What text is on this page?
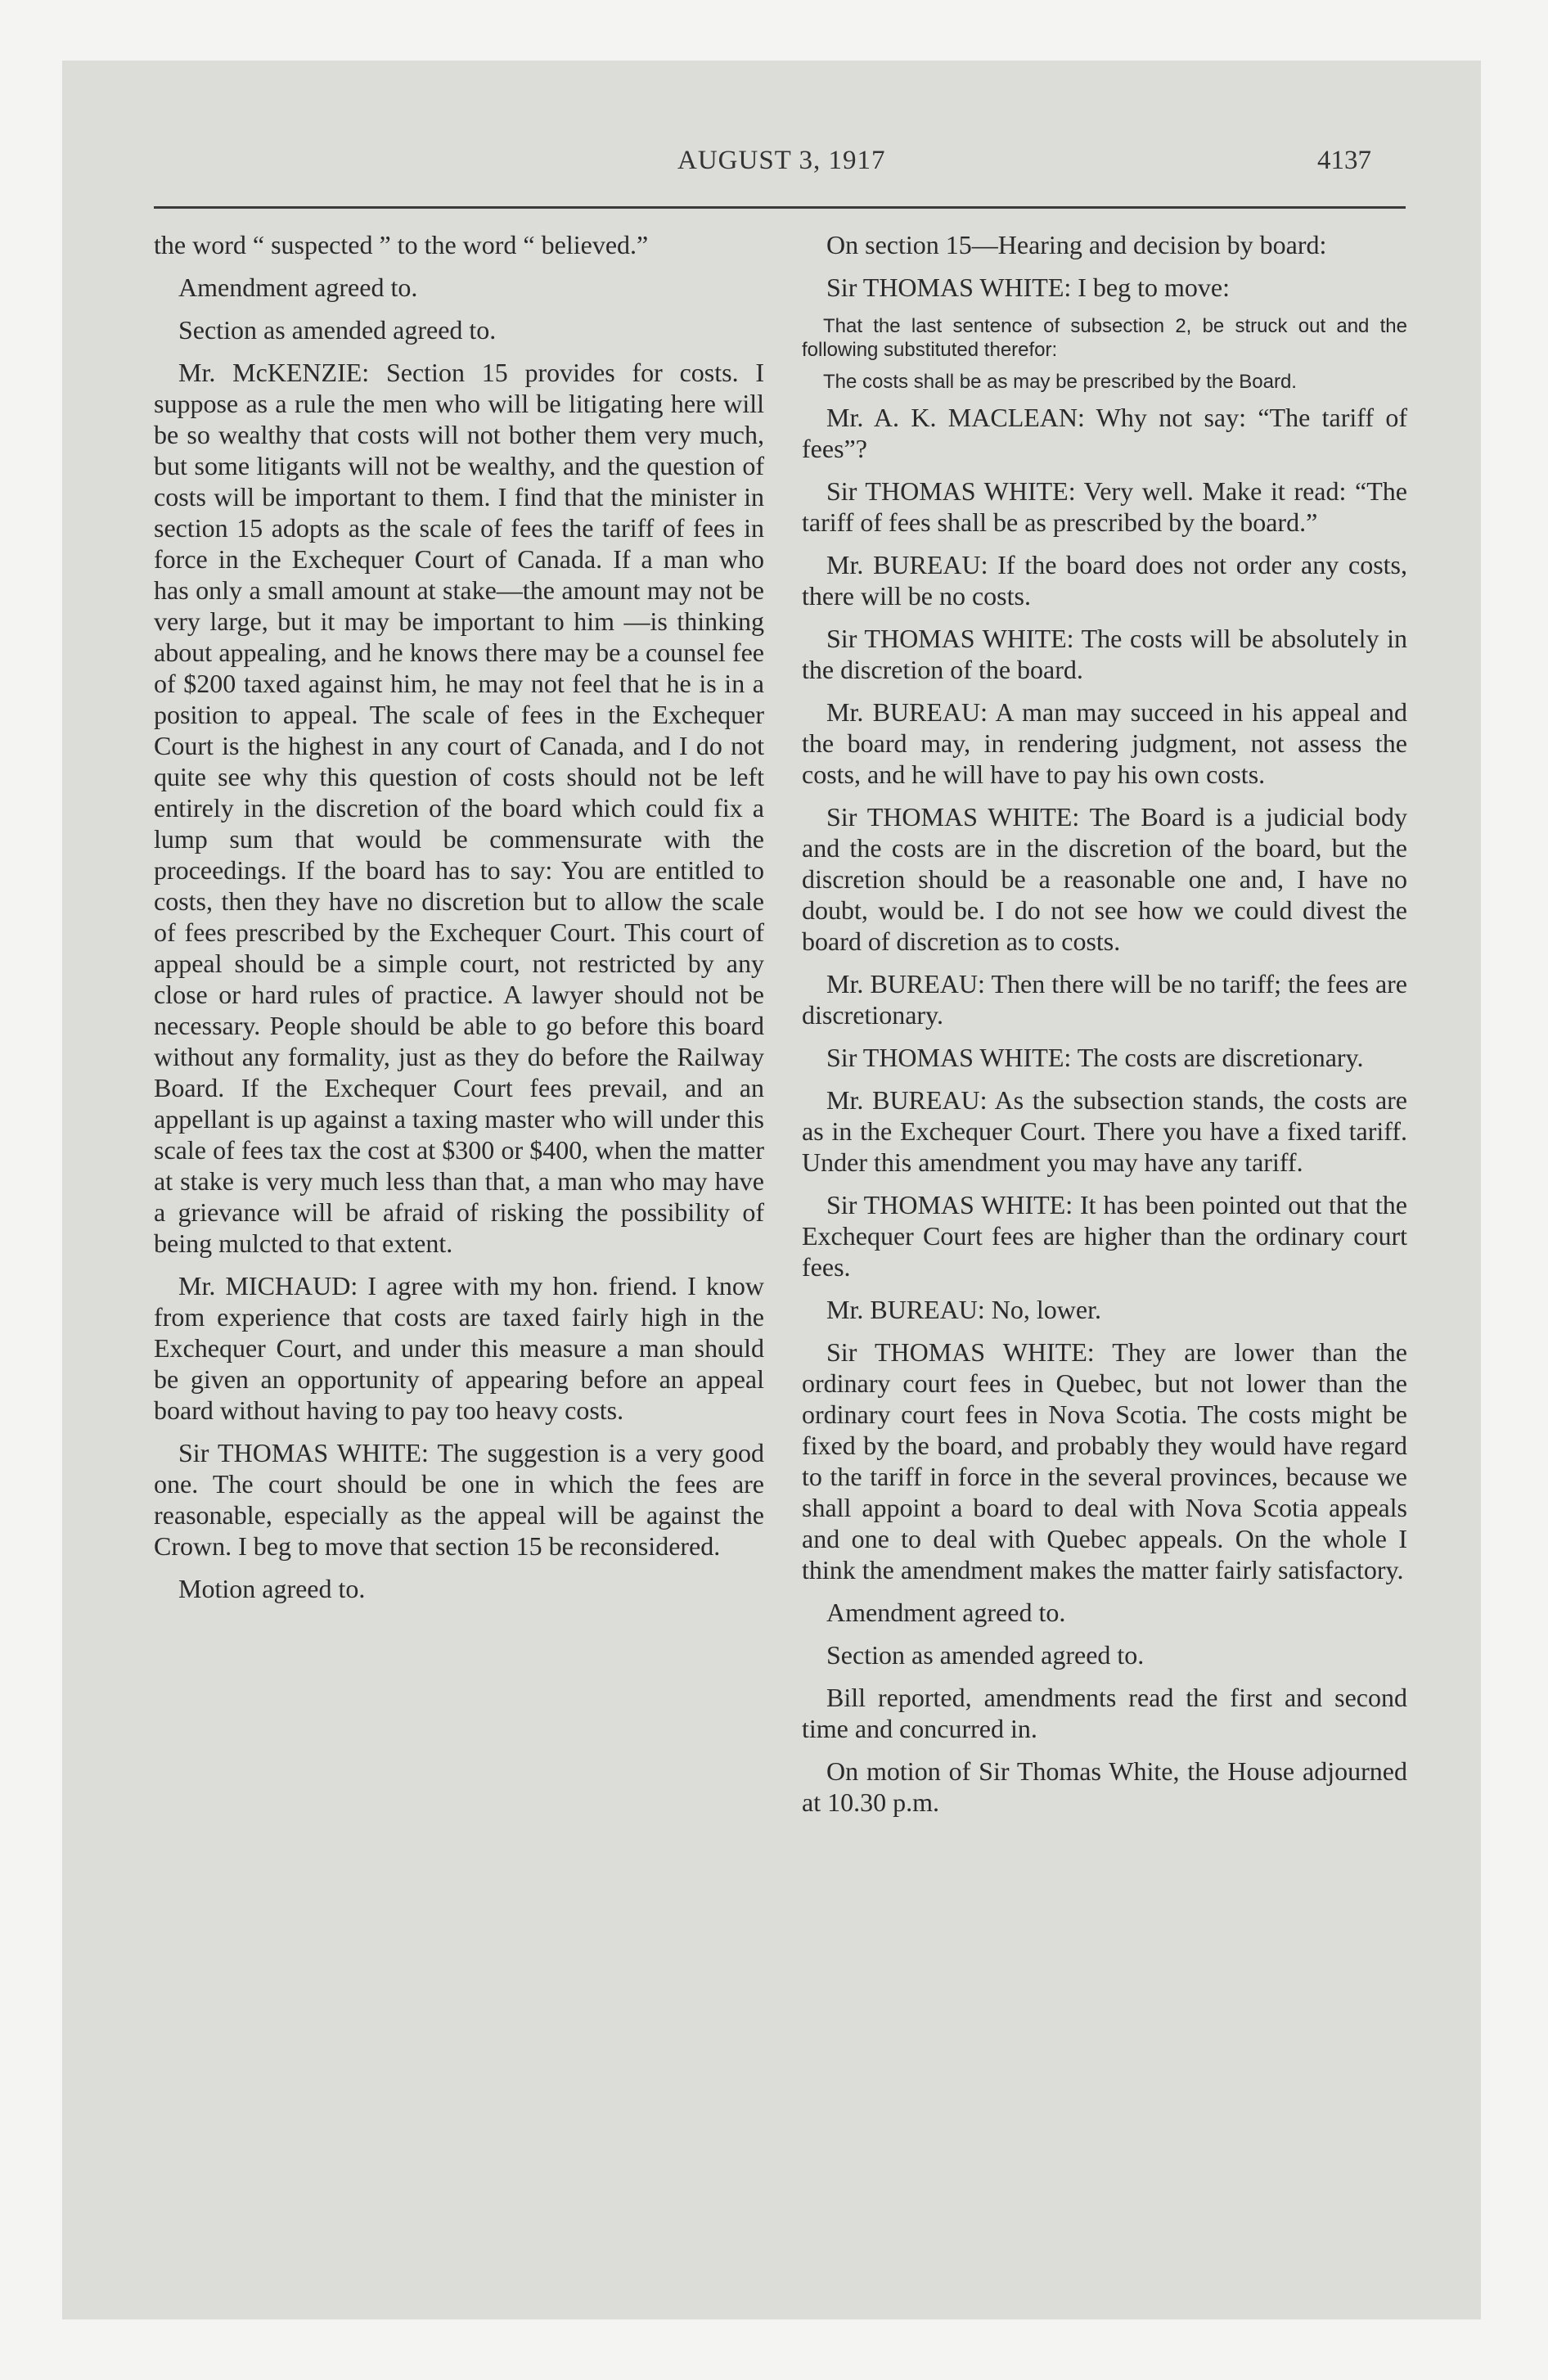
AUGUST 3, 1917	4137

the word “ suspected ” to the word “ believed.”

Amendment agreed to.

Section as amended agreed to.

Mr. McKENZIE: Section 15 provides for costs. I suppose as a rule the men who will be litigating here will be so wealthy that costs will not bother them very much, but some litigants will not be wealthy, and the question of costs will be important to them. I find that the minister in section 15 adopts as the scale of fees the tariff of fees in force in the Exchequer Court of Canada. If a man who has only a small amount at stake—the amount may not be very large, but it may be important to him —is thinking about appealing, and he knows there may be a counsel fee of $200 taxed against him, he may not feel that he is in a position to appeal. The scale of fees in the Exchequer Court is the highest in any court of Canada, and I do not quite see why this question of costs should not be left entirely in the discretion of the board which could fix a lump sum that would be commensurate with the proceedings. If the board has to say: You are entitled to costs, then they have no discretion but to allow the scale of fees prescribed by the Exchequer Court. This court of appeal should be a simple court, not restricted by any close or hard rules of practice. A lawyer should not be necessary. People should be able to go before this board without any formality, just as they do before the Railway Board. If the Exchequer Court fees prevail, and an appellant is up against a taxing master who will under this scale of fees tax the cost at $300 or $400, when the matter at stake is very much less than that, a man who may have a grievance will be afraid of risking the possibility of being mulcted to that extent.

Mr. MICHAUD: I agree with my hon. friend. I know from experience that costs are taxed fairly high in the Exchequer Court, and under this measure a man should be given an opportunity of appearing before an appeal board without having to pay too heavy costs.

Sir THOMAS WHITE: The suggestion is a very good one. The court should be one in which the fees are reasonable, especially as the appeal will be against the Crown. I beg to move that section 15 be reconsidered.

Motion agreed to.

On section 15—Hearing and decision by board:

Sir THOMAS WHITE: I beg to move:

That the last sentence of subsection 2, be struck out and the following substituted therefor:

The costs shall be as may be prescribed by the Board.

Mr. A. K. MACLEAN: Why not say: “The tariff of fees”?

Sir THOMAS WHITE: Very well. Make it read: “The tariff of fees shall be as prescribed by the board.”

Mr. BUREAU: If the board does not order any costs, there will be no costs.

Sir THOMAS WHITE: The costs will be absolutely in the discretion of the board.

Mr. BUREAU: A man may succeed in his appeal and the board may, in rendering judgment, not assess the costs, and he will have to pay his own costs.

Sir THOMAS WHITE: The Board is a judicial body and the costs are in the discretion of the board, but the discretion should be a reasonable one and, I have no doubt, would be. I do not see how we could divest the board of discretion as to costs.

Mr. BUREAU: Then there will be no tariff; the fees are discretionary.

Sir THOMAS WHITE: The costs are discretionary.

Mr. BUREAU: As the subsection stands, the costs are as in the Exchequer Court. There you have a fixed tariff. Under this amendment you may have any tariff.

Sir THOMAS WHITE: It has been pointed out that the Exchequer Court fees are higher than the ordinary court fees.

Mr. BUREAU: No, lower.

Sir THOMAS WHITE: They are lower than the ordinary court fees in Quebec, but not lower than the ordinary court fees in Nova Scotia. The costs might be fixed by the board, and probably they would have regard to the tariff in force in the several provinces, because we shall appoint a board to deal with Nova Scotia appeals and one to deal with Quebec appeals. On the whole I think the amendment makes the matter fairly satisfactory.

Amendment agreed to.

Section as amended agreed to.

Bill reported, amendments read the first and second time and concurred in.

On motion of Sir Thomas White, the House adjourned at 10.30 p.m.
